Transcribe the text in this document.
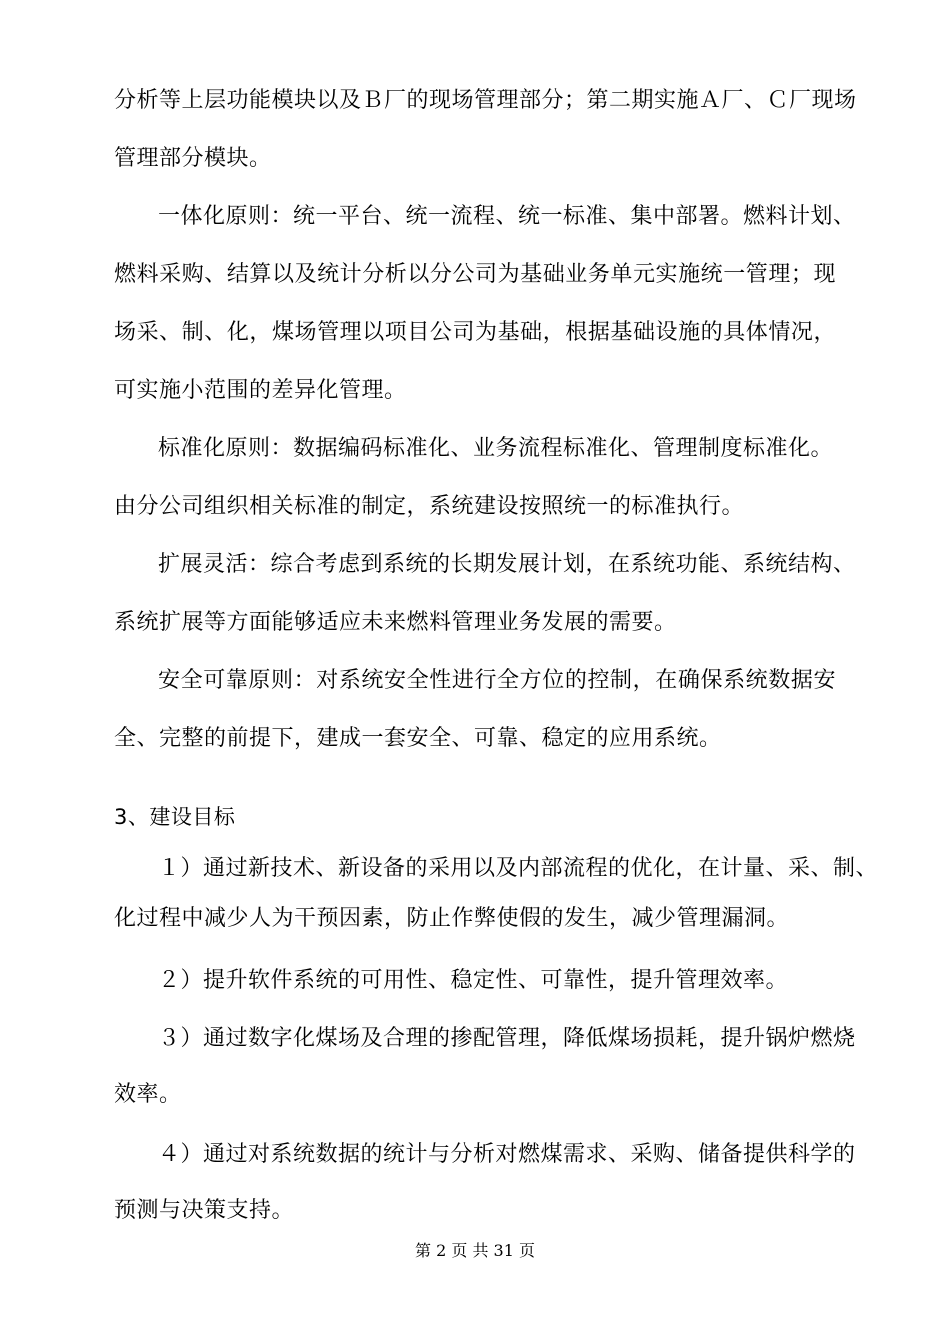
分析等上层功能模块以及Ｂ厂的现场管理部分；第二期实施Ａ厂、Ｃ厂现场
管理部分模块。
一体化原则：统一平台、统一流程、统一标准、集中部署。燃料计划、
燃料采购、结算以及统计分析以分公司为基础业务单元实施统一管理；现
场采、制、化，煤场管理以项目公司为基础，根据基础设施的具体情况，
可实施小范围的差异化管理。
标准化原则：数据编码标准化、业务流程标准化、管理制度标准化。
由分公司组织相关标准的制定，系统建设按照统一的标准执行。
扩展灵活：综合考虑到系统的长期发展计划，在系统功能、系统结构、
系统扩展等方面能够适应未来燃料管理业务发展的需要。
安全可靠原则：对系统安全性进行全方位的控制，在确保系统数据安
全、完整的前提下，建成一套安全、可靠、稳定的应用系统。
3、建设目标
１）通过新技术、新设备的采用以及内部流程的优化，在计量、采、制、
化过程中减少人为干预因素，防止作弊使假的发生，减少管理漏洞。
２）提升软件系统的可用性、稳定性、可靠性，提升管理效率。
３）通过数字化煤场及合理的掺配管理，降低煤场损耗，提升锅炉燃烧
效率。
４）通过对系统数据的统计与分析对燃煤需求、采购、储备提供科学的
预测与决策支持。
第 2 页 共 31 页
